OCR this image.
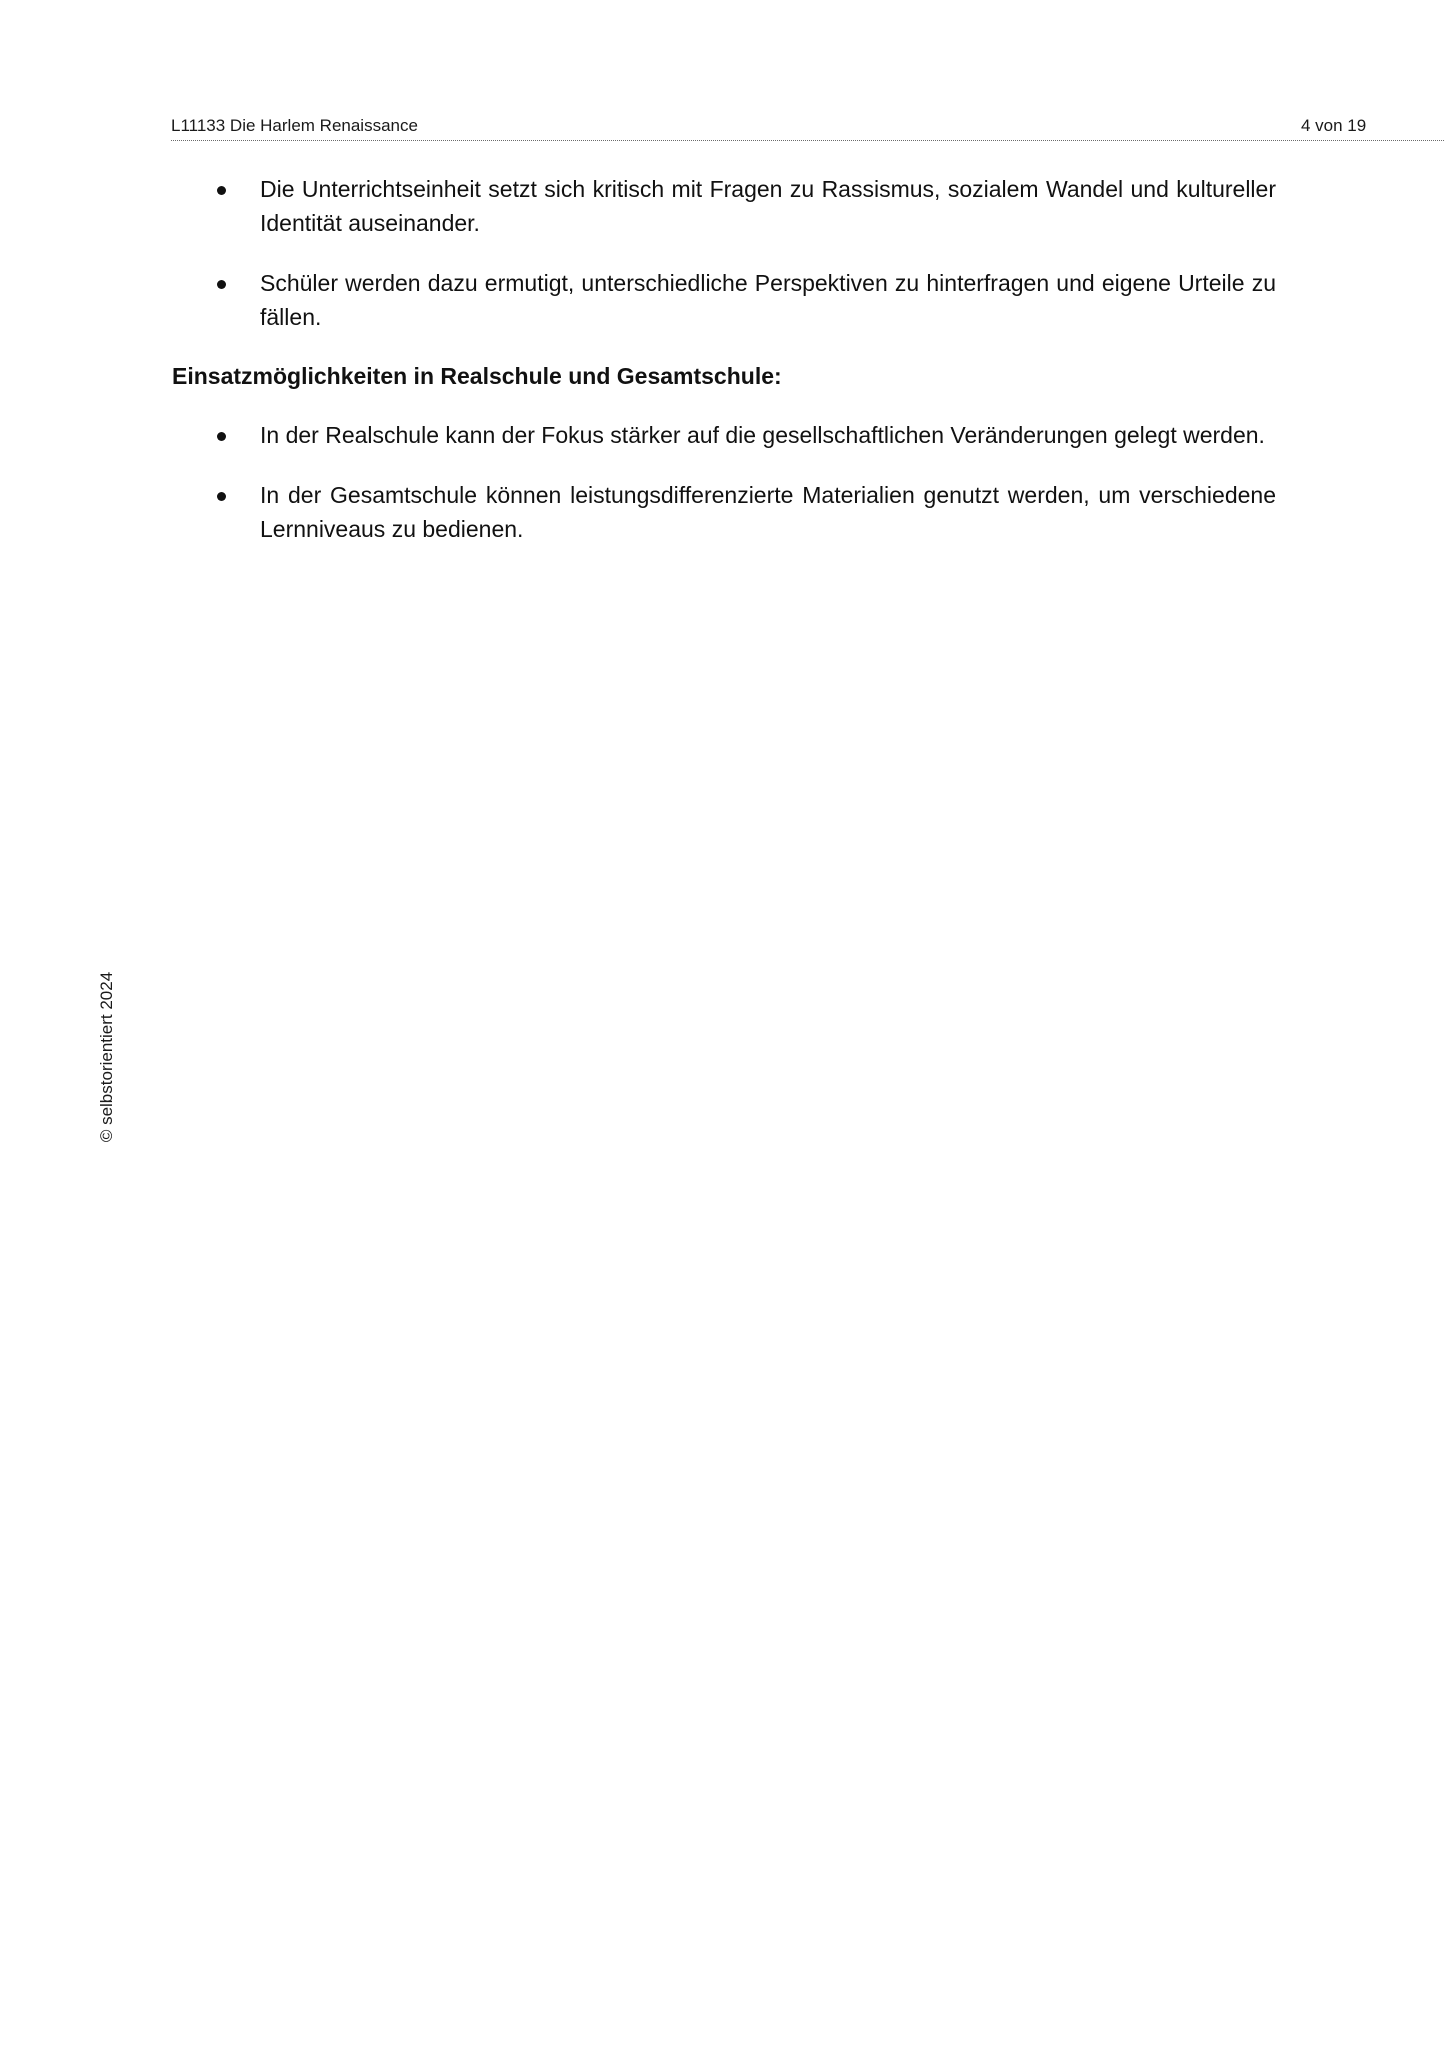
L11133 Die Harlem Renaissance	4 von 19
Die Unterrichtseinheit setzt sich kritisch mit Fragen zu Rassismus, sozialem Wandel und kultureller Identität auseinander.
Schüler werden dazu ermutigt, unterschiedliche Perspektiven zu hinterfragen und eigene Urteile zu fällen.
Einsatzmöglichkeiten in Realschule und Gesamtschule:
In der Realschule kann der Fokus stärker auf die gesellschaftlichen Veränderungen gelegt werden.
In der Gesamtschule können leistungsdifferenzierte Materialien genutzt werden, um verschiedene Lernniveaus zu bedienen.
© selbstorientiert 2024
